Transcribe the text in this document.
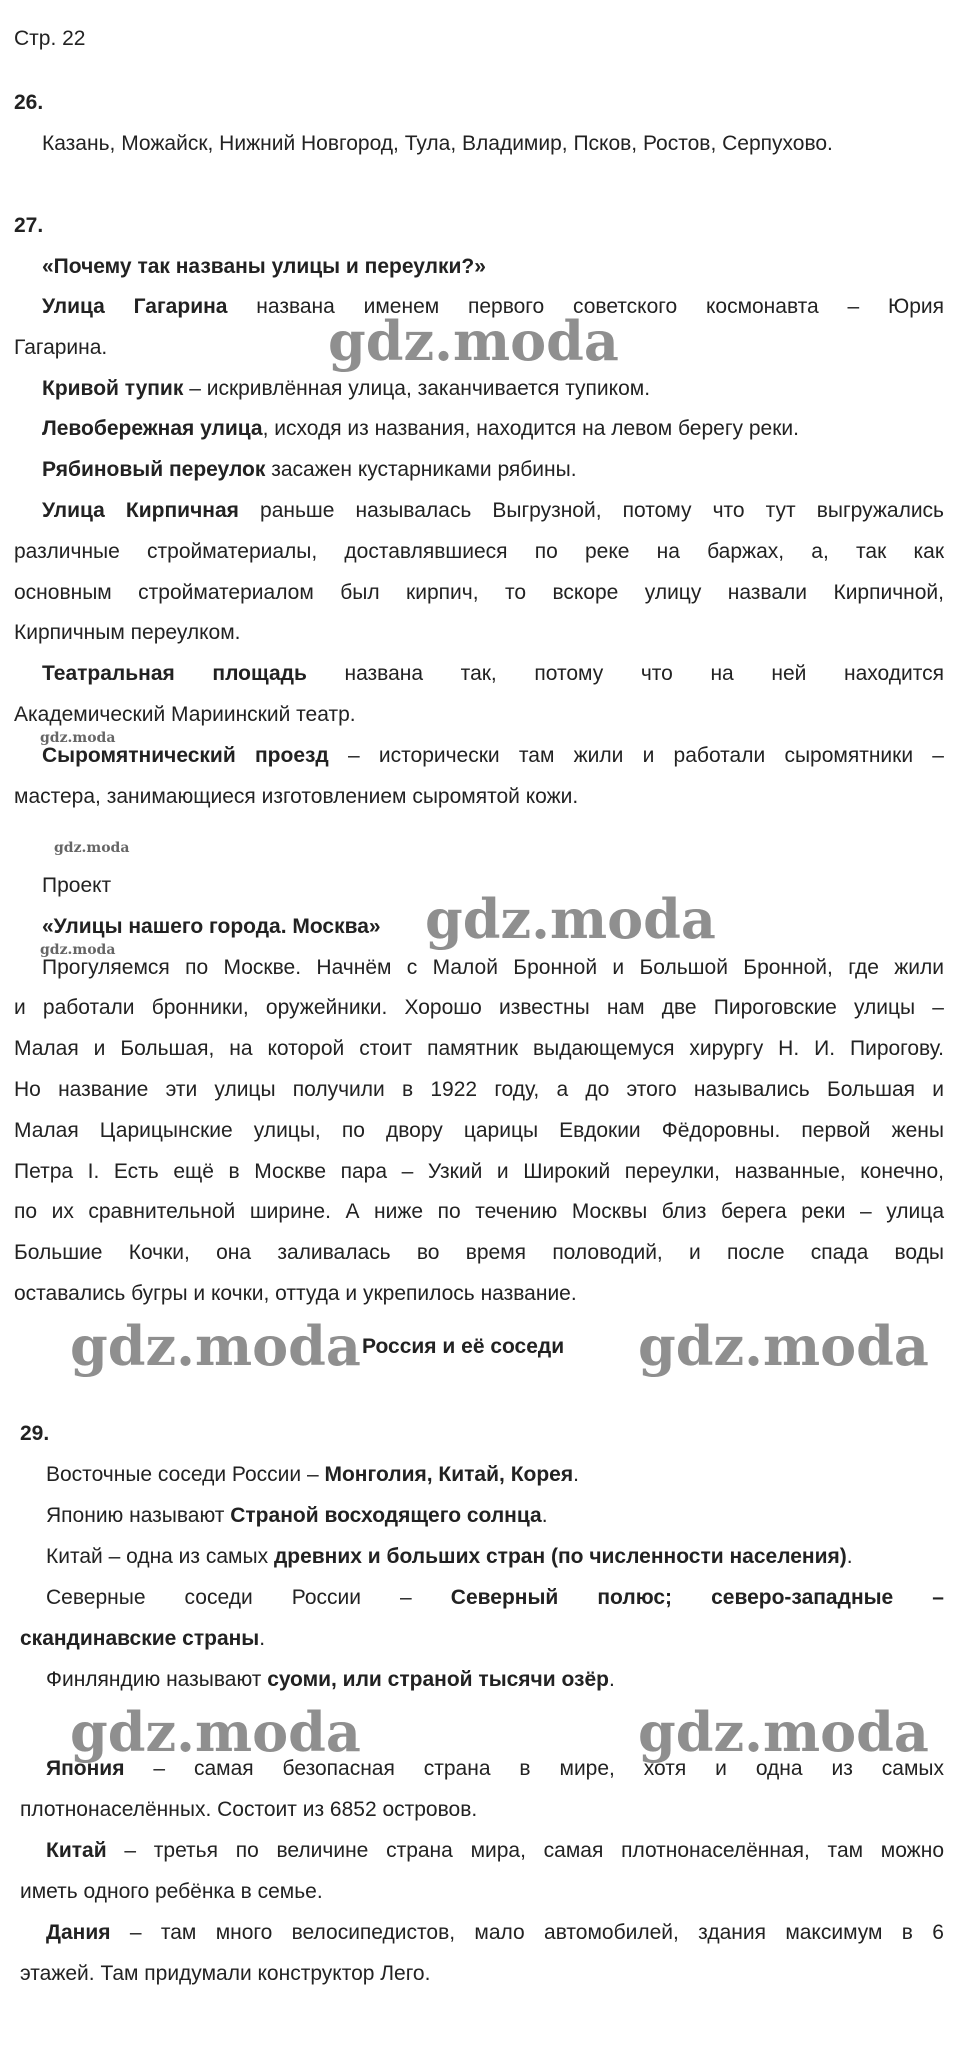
Стр. 22
26.
Казань, Можайск, Нижний Новгород, Тула, Владимир, Псков, Ростов, Серпухово.
27.
«Почему так названы улицы и переулки?»
Улица Гагарина названа именем первого советского космонавта – Юрия
Гагарина.
Кривой тупик – искривлённая улица, заканчивается тупиком.
Левобережная улица, исходя из названия, находится на левом берегу реки.
Рябиновый переулок засажен кустарниками рябины.
Улица Кирпичная раньше называлась Выгрузной, потому что тут выгружались
различные стройматериалы, доставлявшиеся по реке на баржах, а, так как
основным стройматериалом был кирпич, то вскоре улицу назвали Кирпичной,
Кирпичным переулком.
Театральная площадь названа так, потому что на ней находится
Академический Мариинский театр.
Сыромятнический проезд – исторически там жили и работали сыромятники –
мастера, занимающиеся изготовлением сыромятой кожи.
Проект
«Улицы нашего города. Москва»
Прогуляемся по Москве. Начнём с Малой Бронной и Большой Бронной, где жили
и работали бронники, оружейники. Хорошо известны нам две Пироговские улицы –
Малая и Большая, на которой стоит памятник выдающемуся хирургу Н. И. Пирогову.
Но название эти улицы получили в 1922 году, а до этого назывались Большая и
Малая Царицынские улицы, по двору царицы Евдокии Фёдоровны. первой жены
Петра I. Есть ещё в Москве пара – Узкий и Широкий переулки, названные, конечно,
по их сравнительной ширине. А ниже по течению Москвы близ берега реки – улица
Большие Кочки, она заливалась во время половодий, и после спада воды
оставались бугры и кочки, оттуда и укрепилось название.
Россия и её соседи
29.
Восточные соседи России – Монголия, Китай, Корея.
Японию называют Страной восходящего солнца.
Китай – одна из самых древних и больших стран (по численности населения).
Северные соседи России – Северный полюс; северо-западные –
скандинавские страны.
Финляндию называют суоми, или страной тысячи озёр.
Япония – самая безопасная страна в мире, хотя и одна из самых
плотнонаселённых. Состоит из 6852 островов.
Китай – третья по величине страна мира, самая плотнонаселённая, там можно
иметь одного ребёнка в семье.
Дания – там много велосипедистов, мало автомобилей, здания максимум в 6
этажей. Там придумали конструктор Лего.
gdz.moda
gdz.moda
gdz.moda
gdz.moda
gdz.moda
gdz.moda	gdz.moda
gdz.moda	gdz.moda
